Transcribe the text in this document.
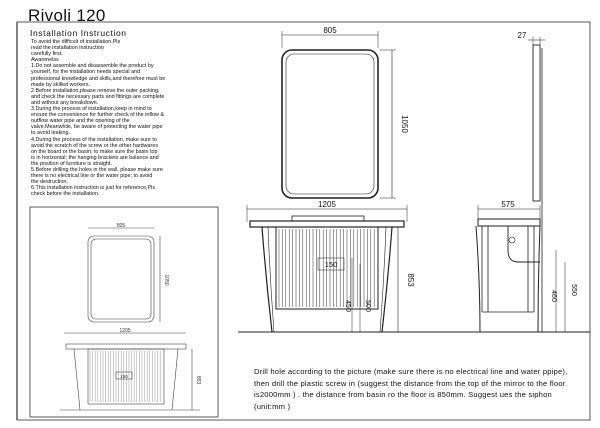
805
1050
27
1205
853
150
450 500
575
460
550
805
1050
1205
853
150
Rivoli 120
Installation Instruction
To avoid the difficult of installation,Pls
read the installation instruction
carefully first.
Awarenelss
1.Do not assemble and disassemble the product by
yourself, for the installation needs special and
professional knowledge and skills,and therefore must be
made by skilled workers.
2.Before installation,please remove the outer packing,
and check the necessary parts and fittings are complete
and without any breakdown.
3.During the process of installation,keep in mind to
ensure the convenience for further check of the inflow &
outflow water pipe and the opening of the
valve.Meanwhile, be aware of protecting the water pipe
to avoid leaking.
4.During the process of the installation, make sure to
avoid the scratch of the screw or the other hardwares
on the board or the basin; to make sure the basin top
is in horizontal; the hanging brackets are balance and
the position of furniture is straight.
5.Before drilling the holes in the wall, please make sure
there is no electrical line or the water pipe; to avoid
the destruction.
6.This installation instruction is just for reference,Pls
check before the installation.
Drill hole according to the picture (make sure there is no electrical line and water ppipe), then drill the plastic screw in (suggest the distance from the top of the mirror to the floor is2000mm ) . the distance from basin ro the floor is 850mm. Suggest ues the siphon (unit:mm )
